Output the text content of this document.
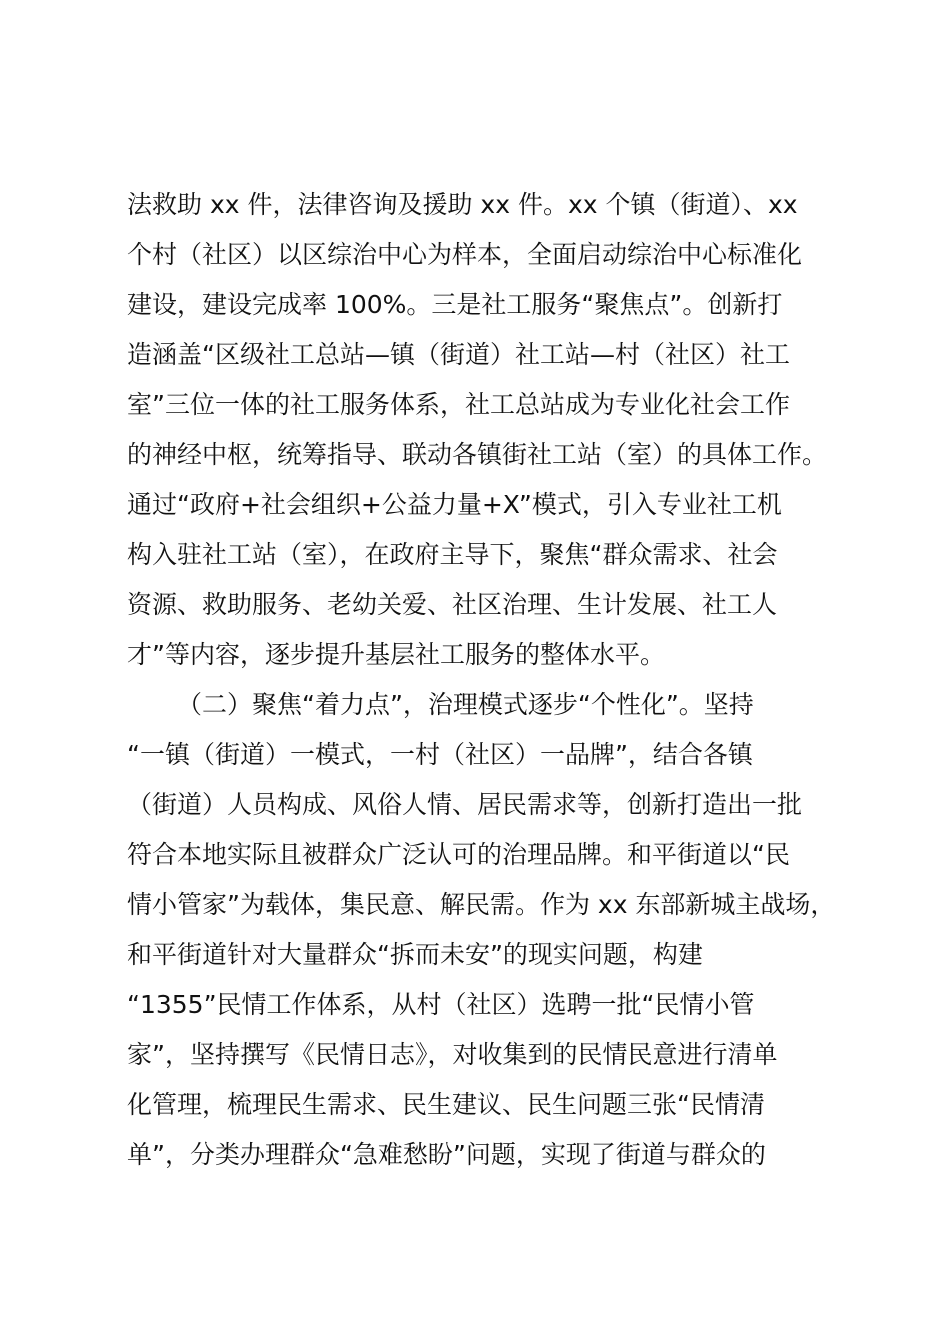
法救助 xx 件，法律咨询及援助 xx 件。xx 个镇（街道）、xx
个村（社区）以区综治中心为样本，全面启动综治中心标准化
建设，建设完成率 100%。三是社工服务“聚焦点”。创新打
造涵盖“区级社工总站—镇（街道）社工站—村（社区）社工
室”三位一体的社工服务体系，社工总站成为专业化社会工作
的神经中枢，统筹指导、联动各镇街社工站（室）的具体工作。
通过“政府+社会组织+公益力量+X”模式，引入专业社工机
构入驻社工站（室），在政府主导下，聚焦“群众需求、社会
资源、救助服务、老幼关爱、社区治理、生计发展、社工人
才”等内容，逐步提升基层社工服务的整体水平。
（二）聚焦“着力点”，治理模式逐步“个性化”。坚持
“一镇（街道）一模式，一村（社区）一品牌”，结合各镇
（街道）人员构成、风俗人情、居民需求等，创新打造出一批
符合本地实际且被群众广泛认可的治理品牌。和平街道以“民
情小管家”为载体，集民意、解民需。作为 xx 东部新城主战场，
和平街道针对大量群众“拆而未安”的现实问题，构建
“1355”民情工作体系，从村（社区）选聘一批“民情小管
家”，坚持撰写《民情日志》，对收集到的民情民意进行清单
化管理，梳理民生需求、民生建议、民生问题三张“民情清
单”，分类办理群众“急难愁盼”问题，实现了街道与群众的
